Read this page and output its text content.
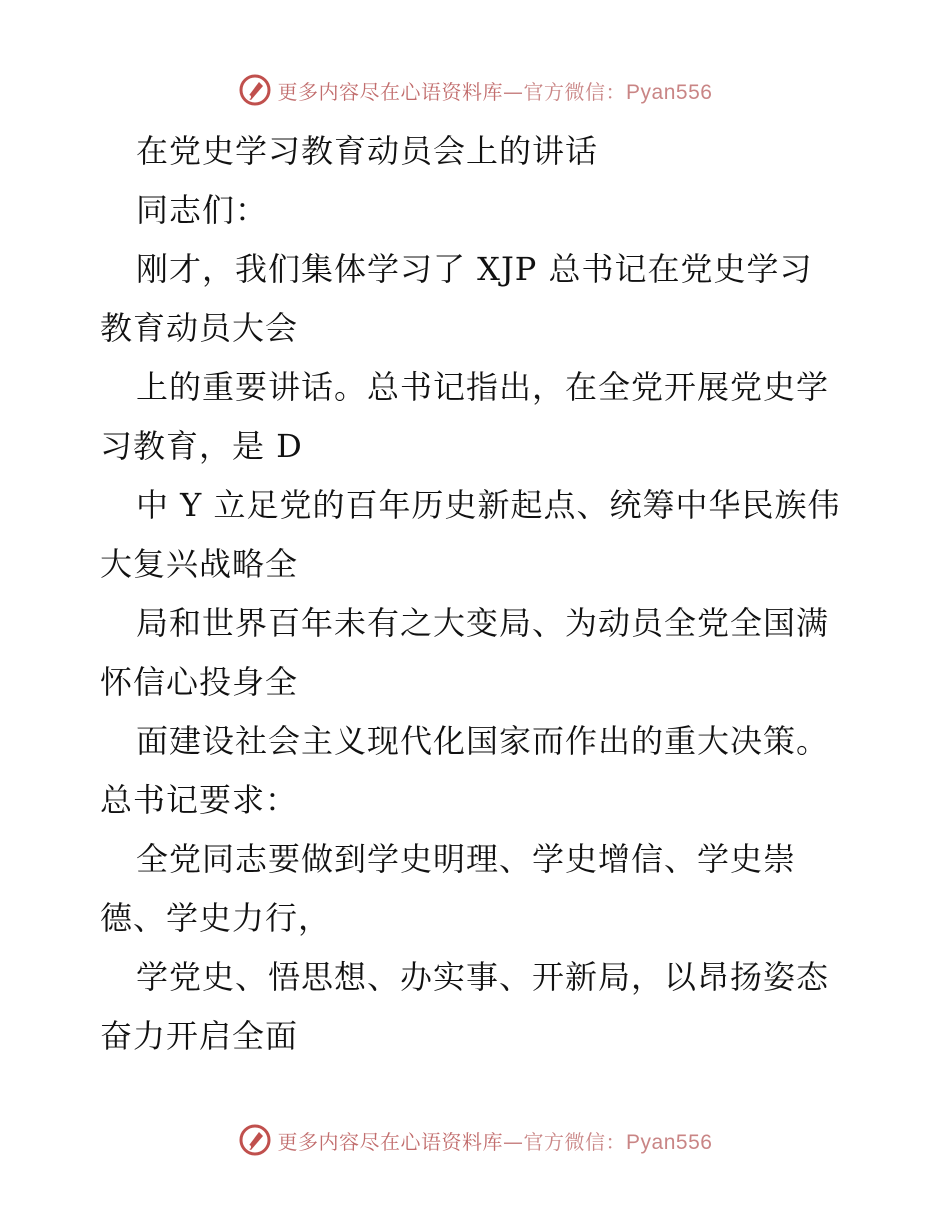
更多内容尽在心语资料库—官方微信：Pyan556
在党史学习教育动员会上的讲话
同志们：
刚才，我们集体学习了 XJP 总书记在党史学习
教育动员大会
上的重要讲话。总书记指出，在全党开展党史学
习教育，是 D
中 Y 立足党的百年历史新起点、统筹中华民族伟
大复兴战略全
局和世界百年未有之大变局、为动员全党全国满
怀信心投身全
面建设社会主义现代化国家而作出的重大决策。
总书记要求：
全党同志要做到学史明理、学史增信、学史崇
德、学史力行，
学党史、悟思想、办实事、开新局，以昂扬姿态
奋力开启全面
更多内容尽在心语资料库—官方微信：Pyan556
